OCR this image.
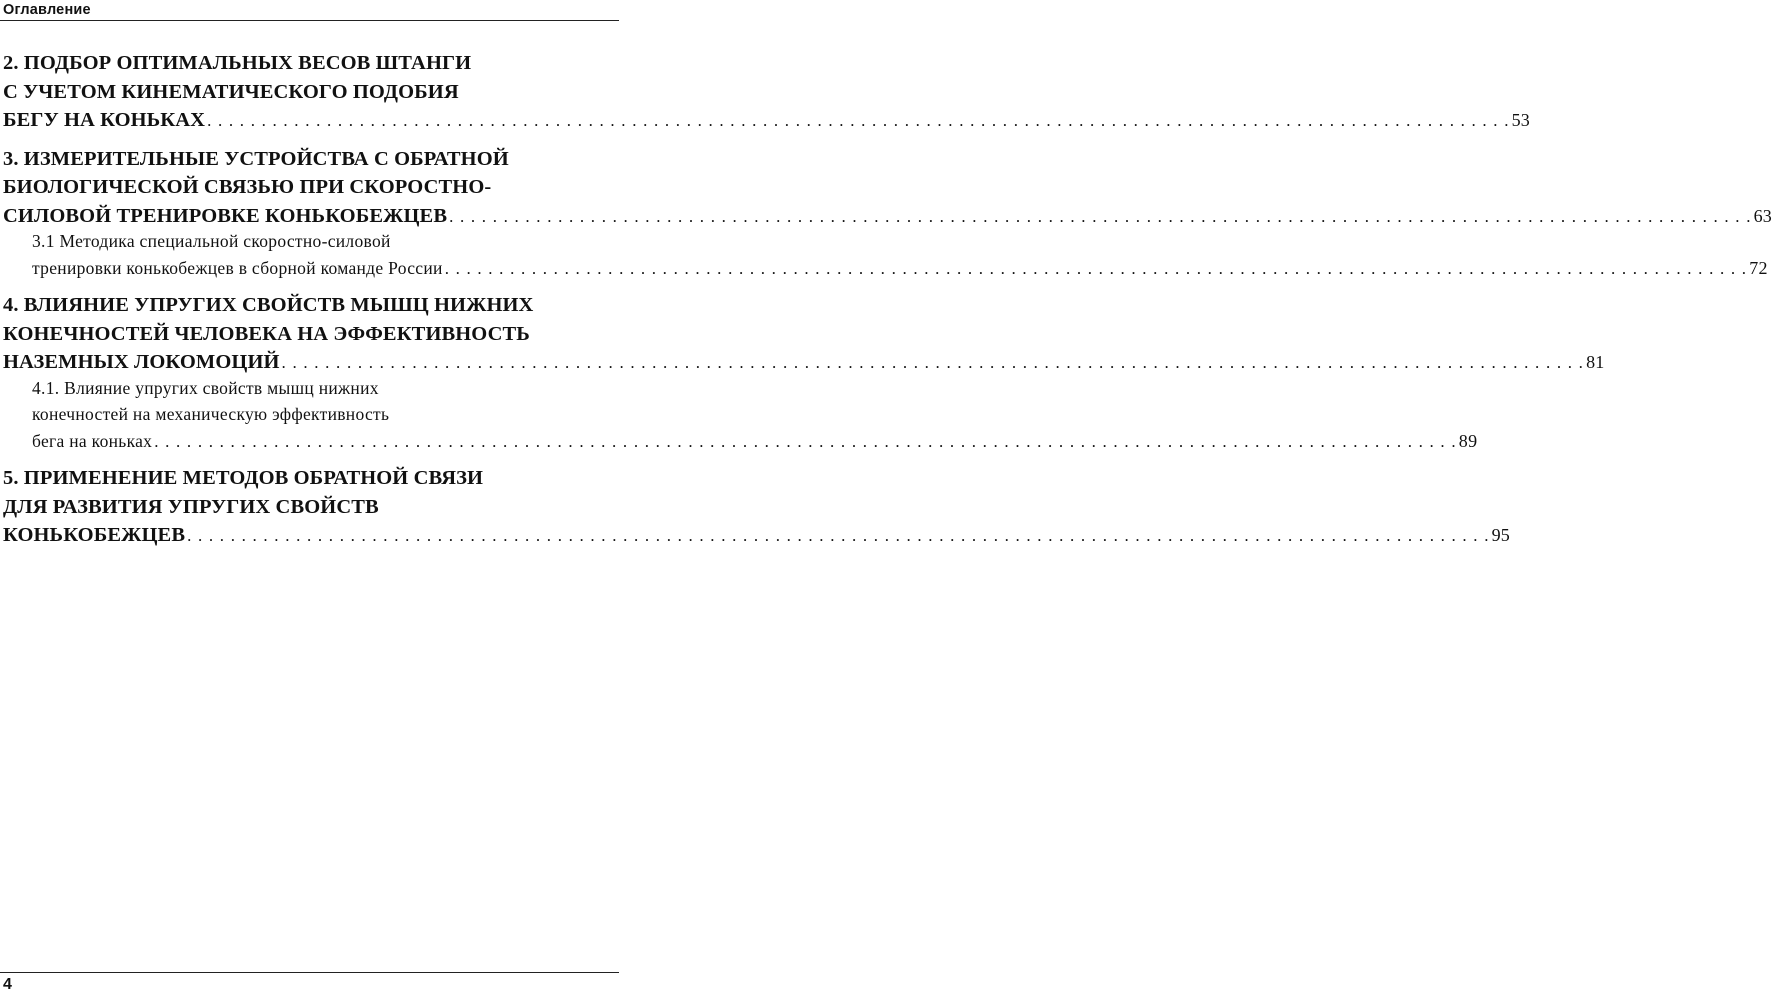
Оглавление
2. ПОДБОР ОПТИМАЛЬНЫХ ВЕСОВ ШТАНГИ
С УЧЕТОМ КИНЕМАТИЧЕСКОГО ПОДОБИЯ
БЕГУ НА КОНЬКАХ . . . . . . . . . . . . . . . . . . . . . . . . . . . . . . . . . . . . . . . . . . . . . . . . . . . . . . . . . . . . . . . . . . . . . . . . . . . . . . . . . . . . . . . . . . . . . . . . . . . . . . . . . . . . . . . . . . . . . . . . 53
3. ИЗМЕРИТЕЛЬНЫЕ УСТРОЙСТВА С ОБРАТНОЙ
БИОЛОГИЧЕСКОЙ СВЯЗЬЮ ПРИ СКОРОСТНО-
СИЛОВОЙ ТРЕНИРОВКЕ КОНЬКОБЕЖЦЕВ . . . . . . . . . . . . . . . . . . . . . . . . . . . . . . . . . . . . . . . . . . . . . . . . . . . . . . . . . . . . . . . . . . . . . . . . . . . . . . . . . . . . . . . . . . . . . . . . . . . . . . . . . . . . . . . . . . . . . . . . 63
3.1 Методика специальной скоростно-силовой
тренировки конькобежцев в сборной команде России . . . . . . . . . . . . . . . . . . . . . . . . . . . . . . . . . . . . . . . . . . . . . . . . . . . . . . . . . . . . . . . . . . . . . . . . . . . . . . . . . . . . . . . . . . . . . . . . . . . . . . . . . . . . . . . . . . . . . . . . 72
4. ВЛИЯНИЕ УПРУГИХ СВОЙСТВ МЫШЦ НИЖНИХ
КОНЕЧНОСТЕЙ ЧЕЛОВЕКА НА ЭФФЕКТИВНОСТЬ
НАЗЕМНЫХ ЛОКОМОЦИЙ . . . . . . . . . . . . . . . . . . . . . . . . . . . . . . . . . . . . . . . . . . . . . . . . . . . . . . . . . . . . . . . . . . . . . . . . . . . . . . . . . . . . . . . . . . . . . . . . . . . . . . . . . . . . . . . . . . . . . . . . 81
4.1. Влияние упругих свойств мышц нижних
конечностей на механическую эффективность
бега на коньках . . . . . . . . . . . . . . . . . . . . . . . . . . . . . . . . . . . . . . . . . . . . . . . . . . . . . . . . . . . . . . . . . . . . . . . . . . . . . . . . . . . . . . . . . . . . . . . . . . . . . . . . . . . . . . . . . . . . . . . . 89
5. ПРИМЕНЕНИЕ МЕТОДОВ ОБРАТНОЙ СВЯЗИ
ДЛЯ РАЗВИТИЯ УПРУГИХ СВОЙСТВ
КОНЬКОБЕЖЦЕВ . . . . . . . . . . . . . . . . . . . . . . . . . . . . . . . . . . . . . . . . . . . . . . . . . . . . . . . . . . . . . . . . . . . . . . . . . . . . . . . . . . . . . . . . . . . . . . . . . . . . . . . . . . . . . . . . . . . . . . . . 95
4
